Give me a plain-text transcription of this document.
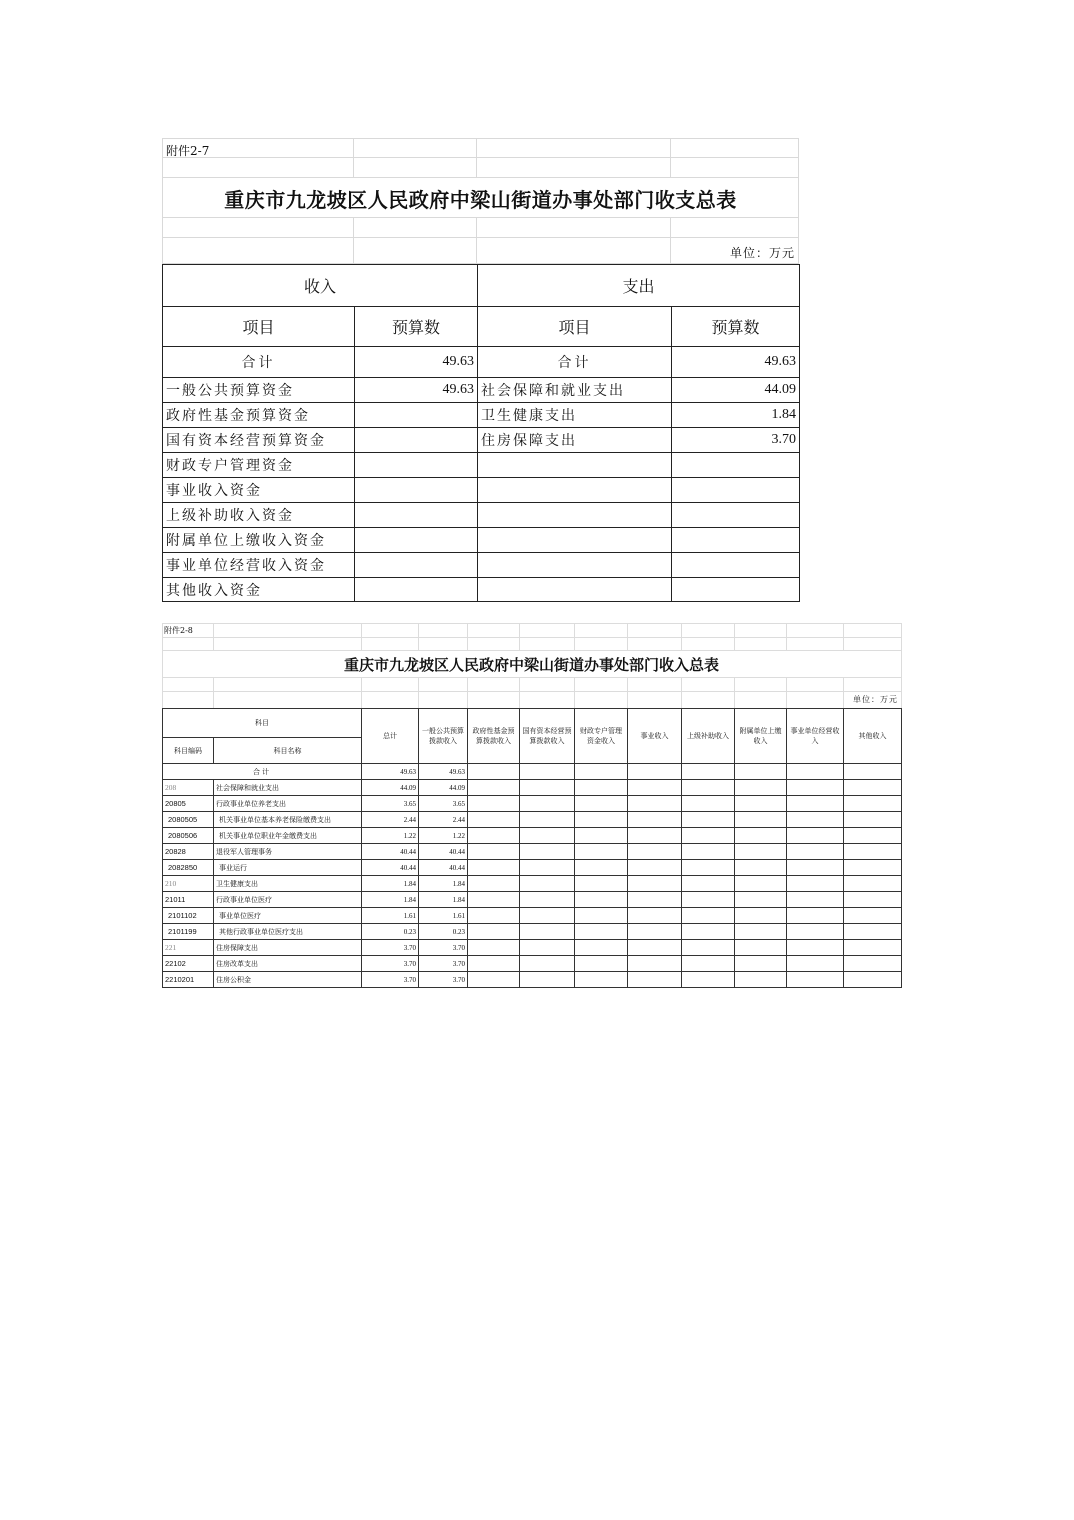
附件2-7
重庆市九龙坡区人民政府中梁山街道办事处部门收支总表
单位：万元
收入		支出	
项目	预算数	项目	预算数
合计	49.63	合计	49.63
一般公共预算资金	49.63	社会保障和就业支出	44.09
政府性基金预算资金		卫生健康支出	1.84
国有资本经营预算资金		住房保障支出	3.70
财政专户管理资金			
事业收入资金			
上级补助收入资金			
附属单位上缴收入资金			
事业单位经营收入资金			
其他收入资金			

附件2-8
重庆市九龙坡区人民政府中梁山街道办事处部门收入总表
单位：万元
科目		总计	一般公共预算拨款收入	政府性基金预算拨款收入	国有资本经营预算拨款收入	财政专户管理资金收入	事业收入	上级补助收入	附属单位上缴收入	事业单位经营收入	其他收入
科目编码	科目名称										
合计		49.63	49.63								
208	社会保障和就业支出	44.09	44.09								
20805	行政事业单位养老支出	3.65	3.65								
2080505	机关事业单位基本养老保险缴费支出	2.44	2.44								
2080506	机关事业单位职业年金缴费支出	1.22	1.22								
20828	退役军人管理事务	40.44	40.44								
2082850	事业运行	40.44	40.44								
210	卫生健康支出	1.84	1.84								
21011	行政事业单位医疗	1.84	1.84								
2101102	事业单位医疗	1.61	1.61								
2101199	其他行政事业单位医疗支出	0.23	0.23								
221	住房保障支出	3.70	3.70								
22102	住房改革支出	3.70	3.70								
2210201	住房公积金	3.70	3.70								
